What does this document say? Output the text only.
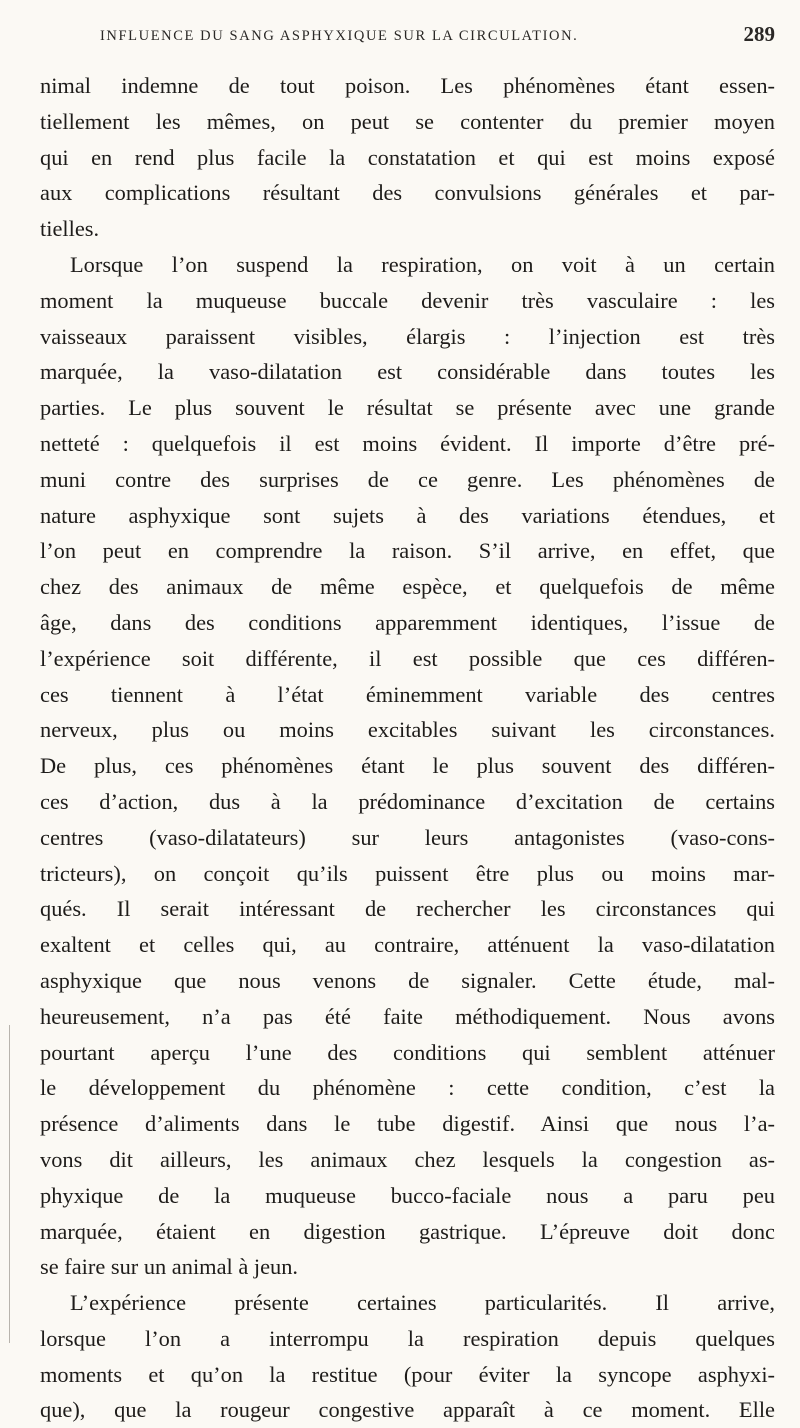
INFLUENCE DU SANG ASPHYXIQUE SUR LA CIRCULATION.	289
nimal indemne de tout poison. Les phénomènes étant essen-
tiellement les mêmes, on peut se contenter du premier moyen
qui en rend plus facile la constatation et qui est moins exposé
aux complications résultant des convulsions générales et par-
tielles.
Lorsque l’on suspend la respiration, on voit à un certain
moment la muqueuse buccale devenir très vasculaire : les
vaisseaux paraissent visibles, élargis : l’injection est très
marquée, la vaso-dilatation est considérable dans toutes les
parties. Le plus souvent le résultat se présente avec une grande
netteté : quelquefois il est moins évident. Il importe d’être pré-
muni contre des surprises de ce genre. Les phénomènes de
nature asphyxique sont sujets à des variations étendues, et
l’on peut en comprendre la raison. S’il arrive, en effet, que
chez des animaux de même espèce, et quelquefois de même
âge, dans des conditions apparemment identiques, l’issue de
l’expérience soit différente, il est possible que ces différen-
ces tiennent à l’état éminemment variable des centres
nerveux, plus ou moins excitables suivant les circonstances.
De plus, ces phénomènes étant le plus souvent des différen-
ces d’action, dus à la prédominance d’excitation de certains
centres (vaso-dilatateurs) sur leurs antagonistes (vaso-cons-
tricteurs), on conçoit qu’ils puissent être plus ou moins mar-
qués. Il serait intéressant de rechercher les circonstances qui
exaltent et celles qui, au contraire, atténuent la vaso-dilatation
asphyxique que nous venons de signaler. Cette étude, mal-
heureusement, n’a pas été faite méthodiquement. Nous avons
pourtant aperçu l’une des conditions qui semblent atténuer
le développement du phénomène : cette condition, c’est la
présence d’aliments dans le tube digestif. Ainsi que nous l’a-
vons dit ailleurs, les animaux chez lesquels la congestion as-
phyxique de la muqueuse bucco-faciale nous a paru peu
marquée, étaient en digestion gastrique. L’épreuve doit donc
se faire sur un animal à jeun.
L’expérience présente certaines particularités. Il arrive,
lorsque l’on a interrompu la respiration depuis quelques
moments et qu’on la restitue (pour éviter la syncope asphyxi-
que), que la rougeur congestive apparaît à ce moment. Elle
